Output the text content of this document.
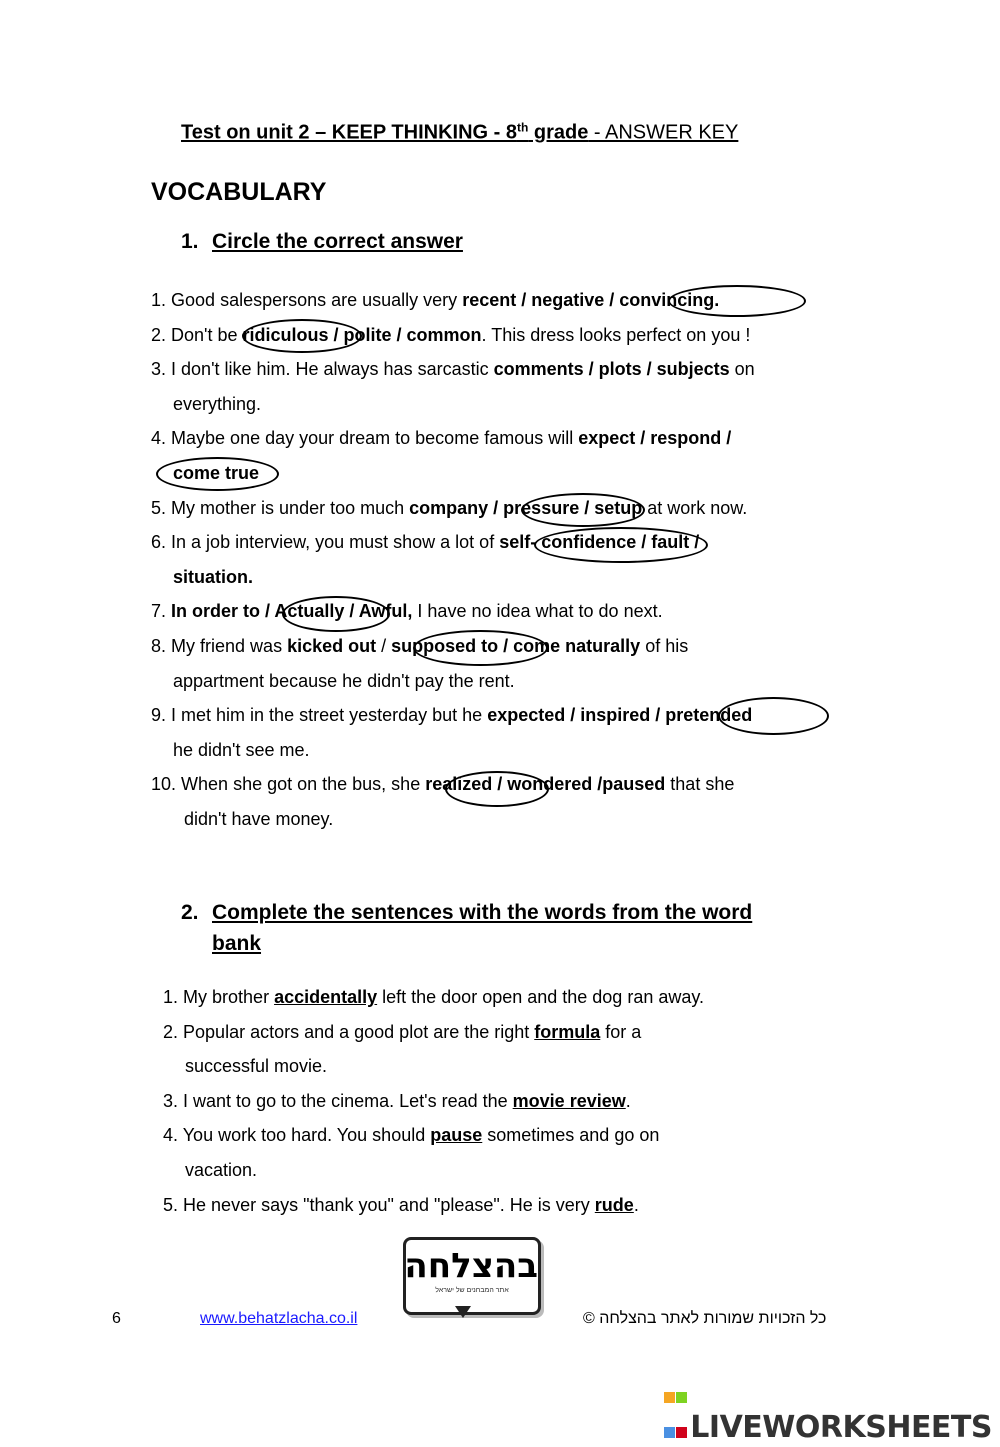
Test on unit 2 – KEEP THINKING - 8th grade - ANSWER KEY
VOCABULARY
1. Circle the correct answer
1. Good salespersons are usually very recent / negative / convincing.
2. Don't be ridiculous / polite / common. This dress looks perfect on you !
3. I don't like him. He always has sarcastic comments / plots / subjects on
everything.
4. Maybe one day your dream to become famous will expect / respond /
come true
5. My mother is under too much company / pressure / setup at work now.
6. In a job interview, you must show a lot of self- confidence / fault /
situation.
7. In order to / Actually / Awful, I have no idea what to do next.
8. My friend was kicked out / supposed to / come naturally of his
appartment because he didn't pay the rent.
9. I met him in the street yesterday but he expected / inspired / pretended
he didn't see me.
10. When she got on the bus, she realized / wondered /paused that she
didn't have money.
2. Complete the sentences with the words from the word
bank
1. My brother accidentally left the door open and the dog ran away.
2. Popular actors and a good plot are the right formula for a
successful movie.
3. I want to go to the cinema. Let's read the movie review.
4. You work too hard. You should pause sometimes and go on
vacation.
5. He never says "thank you" and "please". He is very rude.
בהצלחה
אתר המבחנים של ישראל
6	www.behatzlacha.co.il	כל הזכויות שמורות לאתר בהצלחה ©

LIVEWORKSHEETS
